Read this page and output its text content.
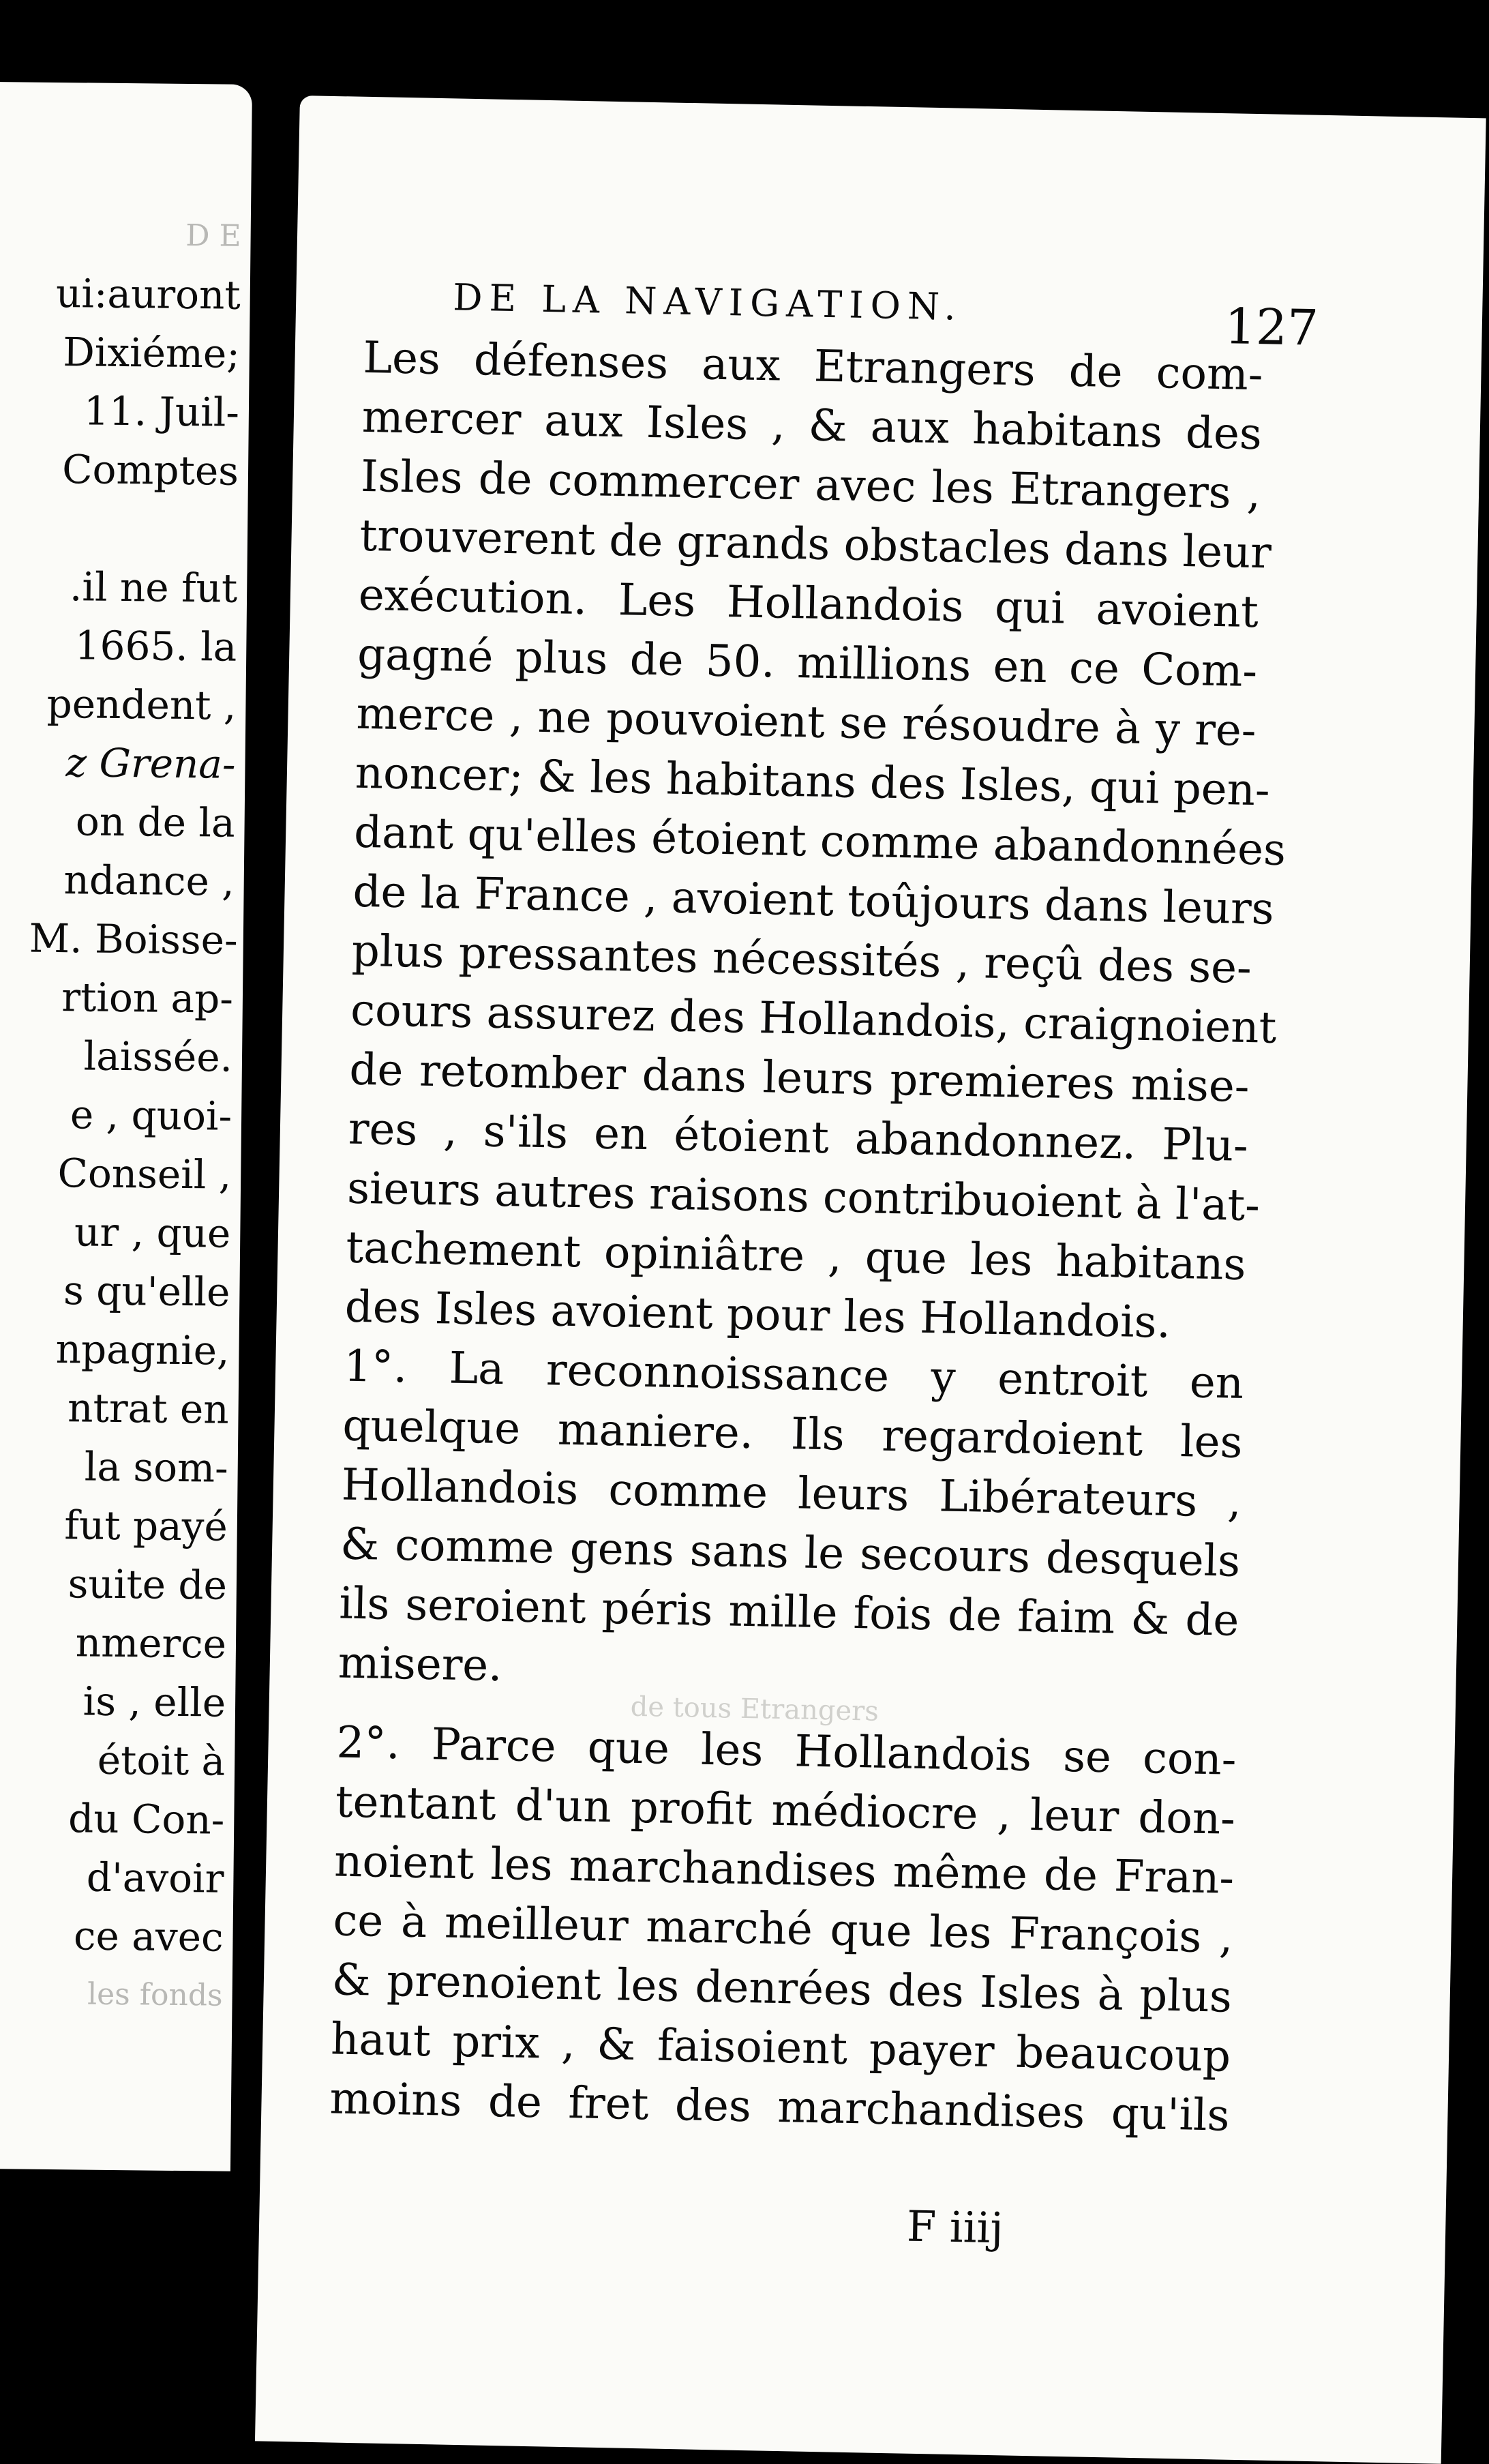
D E
ui:auront
Dixiéme;
11. Juil-
Comptes
.il ne fut
1665. la
pendent ,
z Grena-
on de la
ndance ,
M. Boisse-
rtion ap-
laissée.
e , quoi-
Conseil ,
ur , que
s qu'elle
npagnie,
ntrat en
la som-
fut payé
suite de
nmerce
is , elle
étoit à
du Con-
d'avoir
ce avec
les fonds
DE LA NAVIGATION.	127
Les défenses aux Etrangers de com-
mercer aux Isles , & aux habitans des
Isles de commercer avec les Etrangers ,
trouverent de grands obstacles dans leur
exécution. Les Hollandois qui avoient
gagné plus de 50. millions en ce Com-
merce , ne pouvoient se résoudre à y re-
noncer; & les habitans des Isles, qui pen-
dant qu'elles étoient comme abandonnées
de la France , avoient toûjours dans leurs
plus pressantes nécessités , reçû des se-
cours assurez des Hollandois, craignoient
de retomber dans leurs premieres mise-
res , s'ils en étoient abandonnez. Plu-
sieurs autres raisons contribuoient à l'at-
tachement opiniâtre , que les habitans
des Isles avoient pour les Hollandois.
1°. La reconnoissance y entroit en
quelque maniere. Ils regardoient les
Hollandois comme leurs Libérateurs ,
& comme gens sans le secours desquels
ils seroient péris mille fois de faim & de
misere.
2°. Parce que les Hollandois se con-
tentant d'un profit médiocre , leur don-
noient les marchandises même de Fran-
ce à meilleur marché que les François ,
& prenoient les denrées des Isles à plus
haut prix , & faisoient payer beaucoup
moins de fret des marchandises qu'ils
de tous Etrangers
F iiij
